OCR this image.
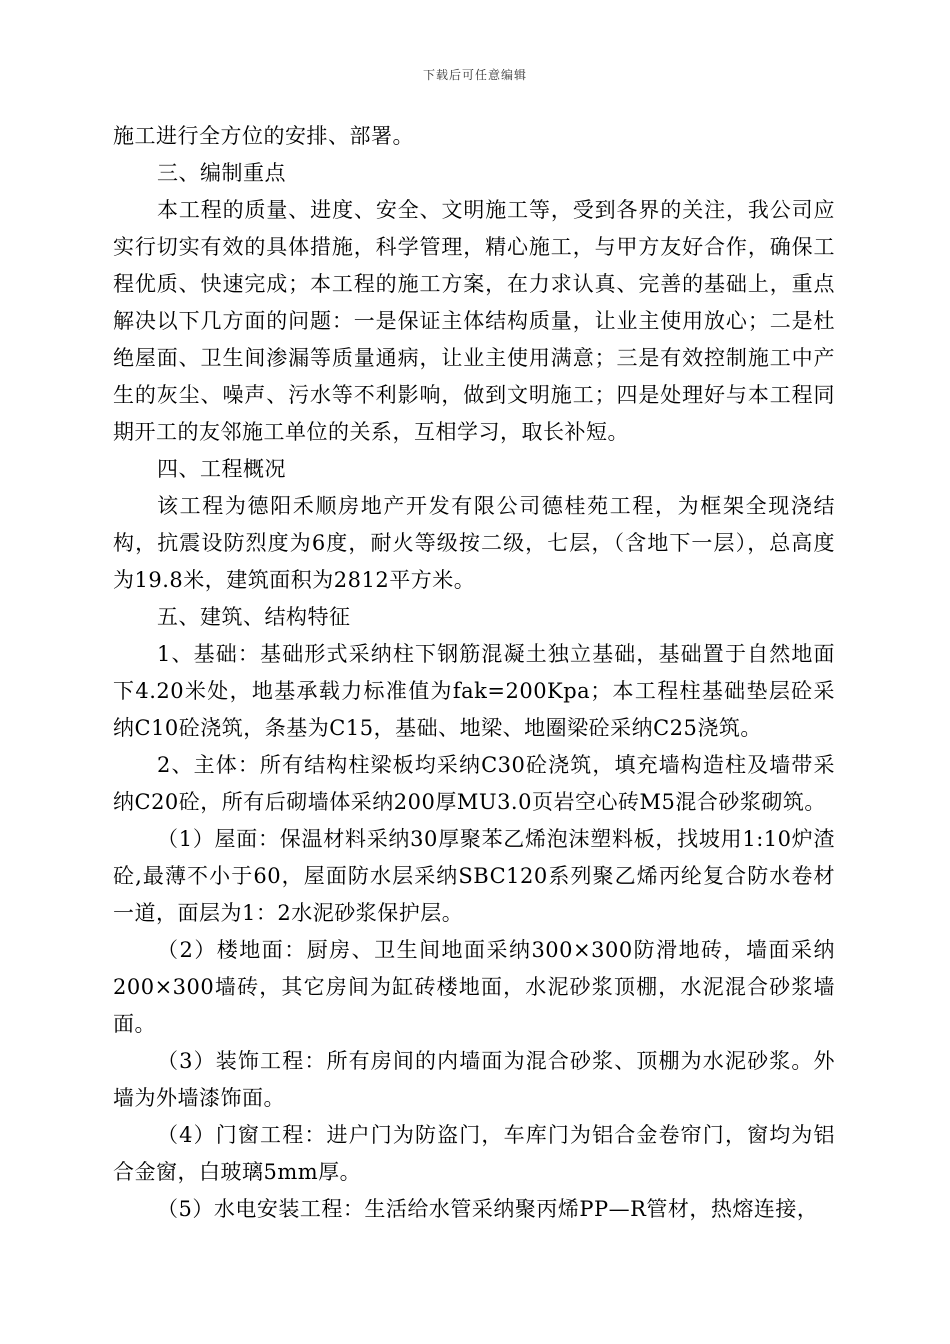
下载后可任意编辑

施工进行全方位的安排、部署。

三、编制重点

本工程的质量、进度、安全、文明施工等，受到各界的关注，我公司应实行切实有效的具体措施，科学管理，精心施工，与甲方友好合作，确保工程优质、快速完成；本工程的施工方案，在力求认真、完善的基础上，重点解决以下几方面的问题：一是保证主体结构质量，让业主使用放心；二是杜绝屋面、卫生间渗漏等质量通病，让业主使用满意；三是有效控制施工中产生的灰尘、噪声、污水等不利影响，做到文明施工；四是处理好与本工程同期开工的友邻施工单位的关系，互相学习，取长补短。

四、工程概况

该工程为德阳禾顺房地产开发有限公司德桂苑工程，为框架全现浇结构，抗震设防烈度为6度，耐火等级按二级，七层，（含地下一层），总高度为19.8米，建筑面积为2812平方米。

五、建筑、结构特征

1、基础：基础形式采纳柱下钢筋混凝土独立基础，基础置于自然地面下4.20米处，地基承载力标准值为fak=200Kpa；本工程柱基础垫层砼采纳C10砼浇筑，条基为C15，基础、地梁、地圈梁砼采纳C25浇筑。

2、主体：所有结构柱梁板均采纳C30砼浇筑，填充墙构造柱及墙带采纳C20砼，所有后砌墙体采纳200厚MU3.0页岩空心砖M5混合砂浆砌筑。

（1）屋面：保温材料采纳30厚聚苯乙烯泡沫塑料板，找坡用1:10炉渣砼,最薄不小于60，屋面防水层采纳SBC120系列聚乙烯丙纶复合防水卷材一道，面层为1：2水泥砂浆保护层。

（2）楼地面：厨房、卫生间地面采纳300×300防滑地砖，墙面采纳200×300墙砖，其它房间为缸砖楼地面，水泥砂浆顶棚，水泥混合砂浆墙面。

（3）装饰工程：所有房间的内墙面为混合砂浆、顶棚为水泥砂浆。外墙为外墙漆饰面。

（4）门窗工程：进户门为防盗门，车库门为铝合金卷帘门，窗均为铝合金窗，白玻璃5mm厚。

（5）水电安装工程：生活给水管采纳聚丙烯PP—R管材，热熔连接，
